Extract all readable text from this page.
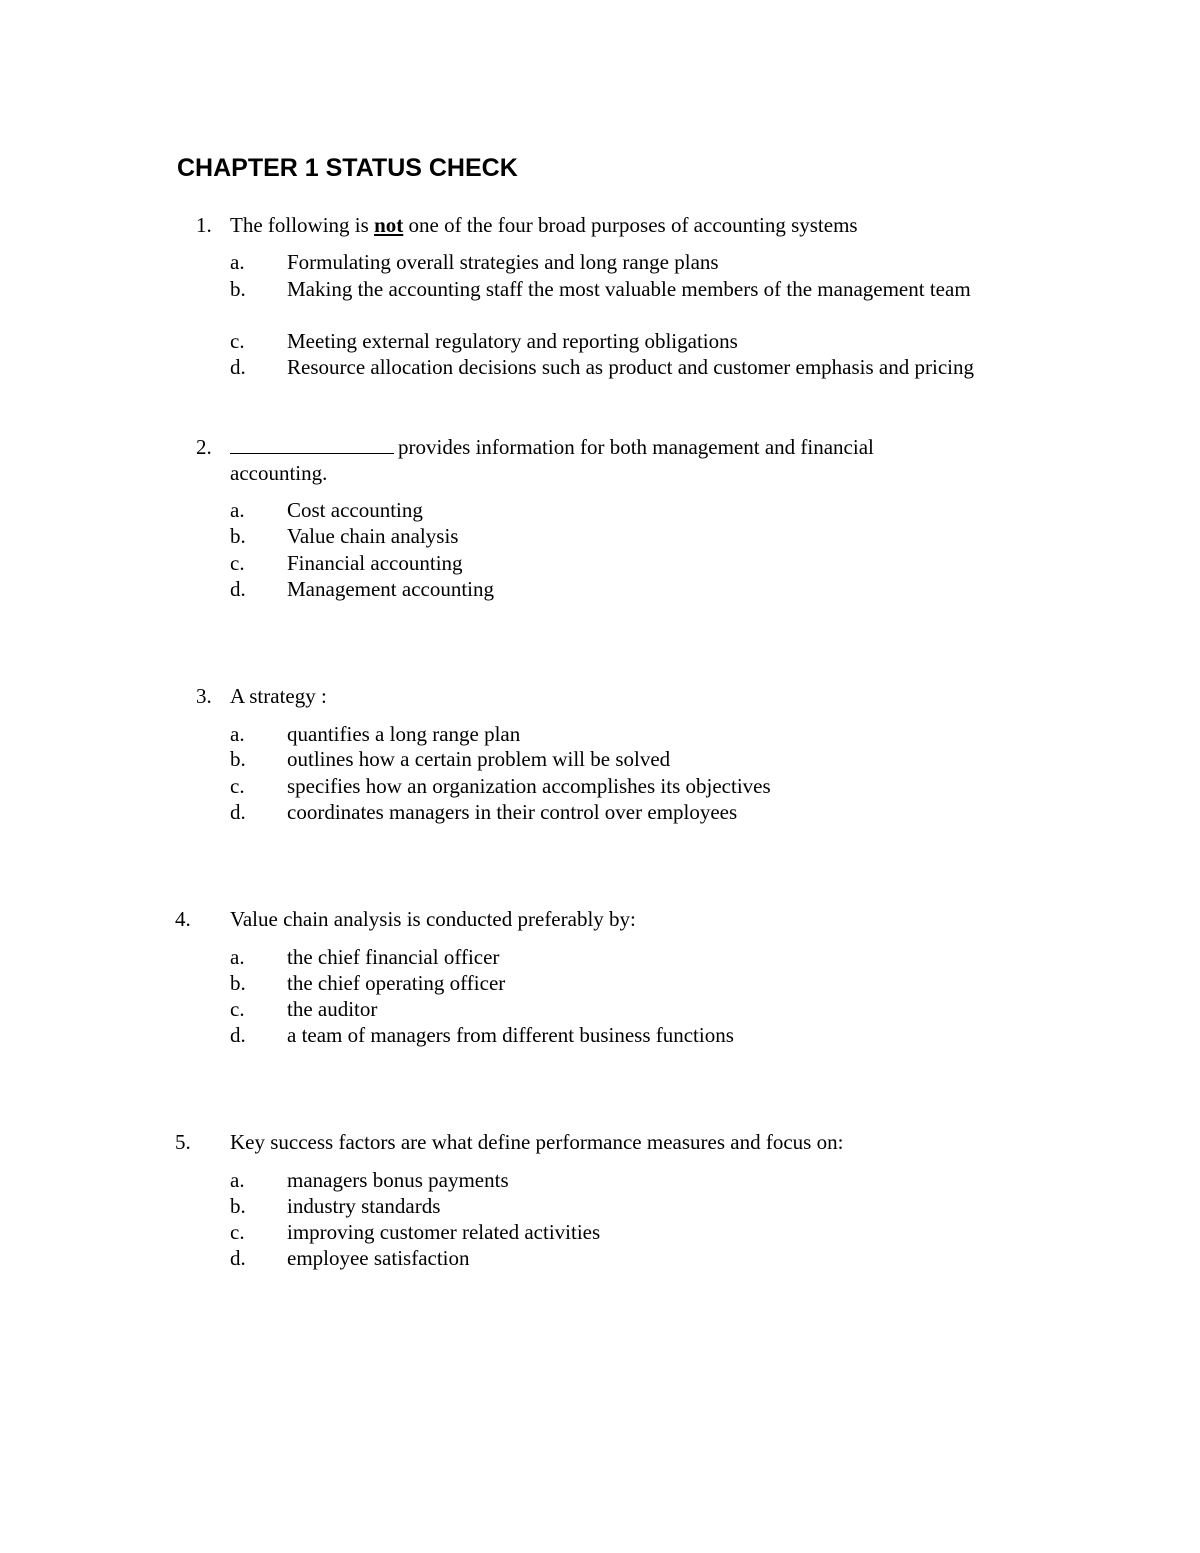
CHAPTER 1 STATUS CHECK
1. The following is not one of the four broad purposes of accounting systems
a. Formulating overall strategies and long range plans
b. Making the accounting staff the most valuable members of the management team
c. Meeting external regulatory and reporting obligations
d. Resource allocation decisions such as product and customer emphasis and pricing
2.	provides information for both management and financial
accounting.
a. Cost accounting
b. Value chain analysis
c. Financial accounting
d. Management accounting
3. A strategy :
a. quantifies a long range plan
b. outlines how a certain problem will be solved
c. specifies how an organization accomplishes its objectives
d. coordinates managers in their control over employees
4. Value chain analysis is conducted preferably by:
a. the chief financial officer
b. the chief operating officer
c. the auditor
d. a team of managers from different business functions
5. Key success factors are what define performance measures and focus on:
a. managers bonus payments
b. industry standards
c. improving customer related activities
d. employee satisfaction
